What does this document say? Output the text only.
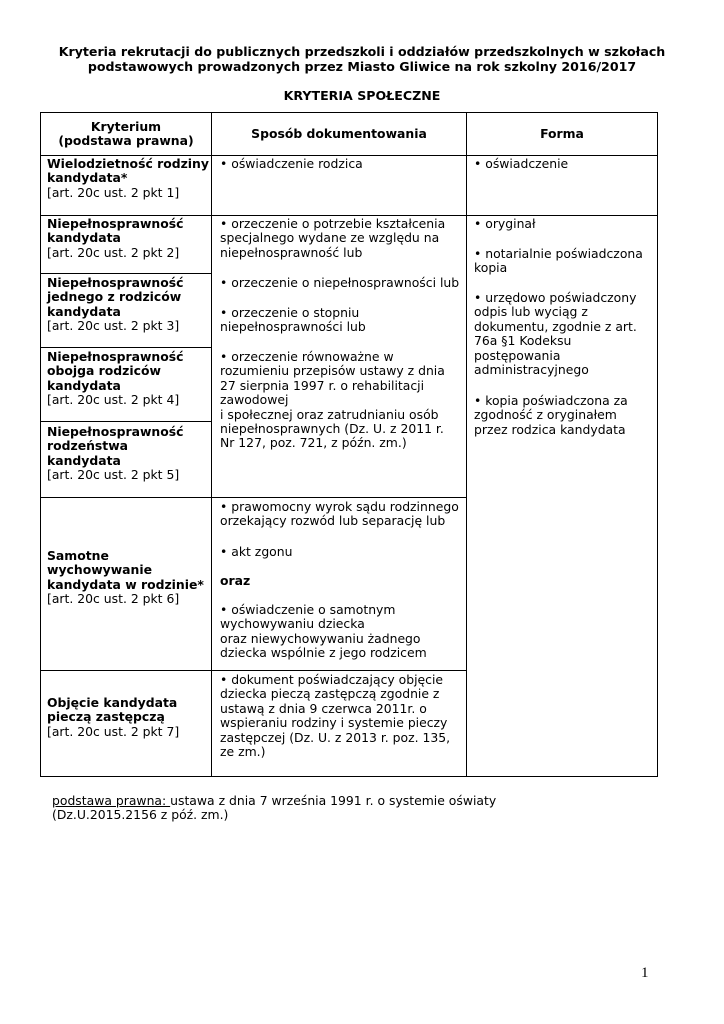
Kryteria rekrutacji do publicznych przedszkoli i oddziałów przedszkolnych w szkołach
podstawowych prowadzonych przez Miasto Gliwice na rok szkolny 2016/2017
KRYTERIA SPOŁECZNE
Kryterium
(podstawa prawna)	Sposób dokumentowania	Forma
Wielodzietność rodziny
kandydata*
[art. 20c ust. 2 pkt 1]
Niepełnosprawność
kandydata
[art. 20c ust. 2 pkt 2]
Niepełnosprawność
jednego z rodziców
kandydata
[art. 20c ust. 2 pkt 3]
Niepełnosprawność
obojga rodziców
kandydata
[art. 20c ust. 2 pkt 4]
Niepełnosprawność
rodzeństwa
kandydata
[art. 20c ust. 2 pkt 5]
Samotne
wychowywanie
kandydata w rodzinie*
[art. 20c ust. 2 pkt 6]
Objęcie kandydata
pieczą zastępczą
[art. 20c ust. 2 pkt 7]
• oświadczenie rodzica
• orzeczenie o potrzebie kształcenia
specjalnego wydane ze względu na
niepełnosprawność lub
• orzeczenie o niepełnosprawności lub
• orzeczenie o stopniu
niepełnosprawności lub
• orzeczenie równoważne w
rozumieniu przepisów ustawy z dnia
27 sierpnia 1997 r. o rehabilitacji
zawodowej
i społecznej oraz zatrudnianiu osób
niepełnosprawnych (Dz. U. z 2011 r.
Nr 127, poz. 721, z późn. zm.)
• prawomocny wyrok sądu rodzinnego
orzekający rozwód lub separację lub
• akt zgonu
oraz
• oświadczenie o samotnym
wychowywaniu dziecka
oraz niewychowywaniu żadnego
dziecka wspólnie z jego rodzicem
• dokument poświadczający objęcie
dziecka pieczą zastępczą zgodnie z
ustawą z dnia 9 czerwca 2011r. o
wspieraniu rodziny i systemie pieczy
zastępczej (Dz. U. z 2013 r. poz. 135,
ze zm.)
• oświadczenie
• oryginał
• notarialnie poświadczona
kopia
• urzędowo poświadczony
odpis lub wyciąg z
dokumentu, zgodnie z art.
76a §1 Kodeksu
postępowania
administracyjnego
• kopia poświadczona za
zgodność z oryginałem
przez rodzica kandydata
podstawa prawna: ustawa z dnia 7 września 1991 r. o systemie oświaty
(Dz.U.2015.2156 z póź. zm.)
1
